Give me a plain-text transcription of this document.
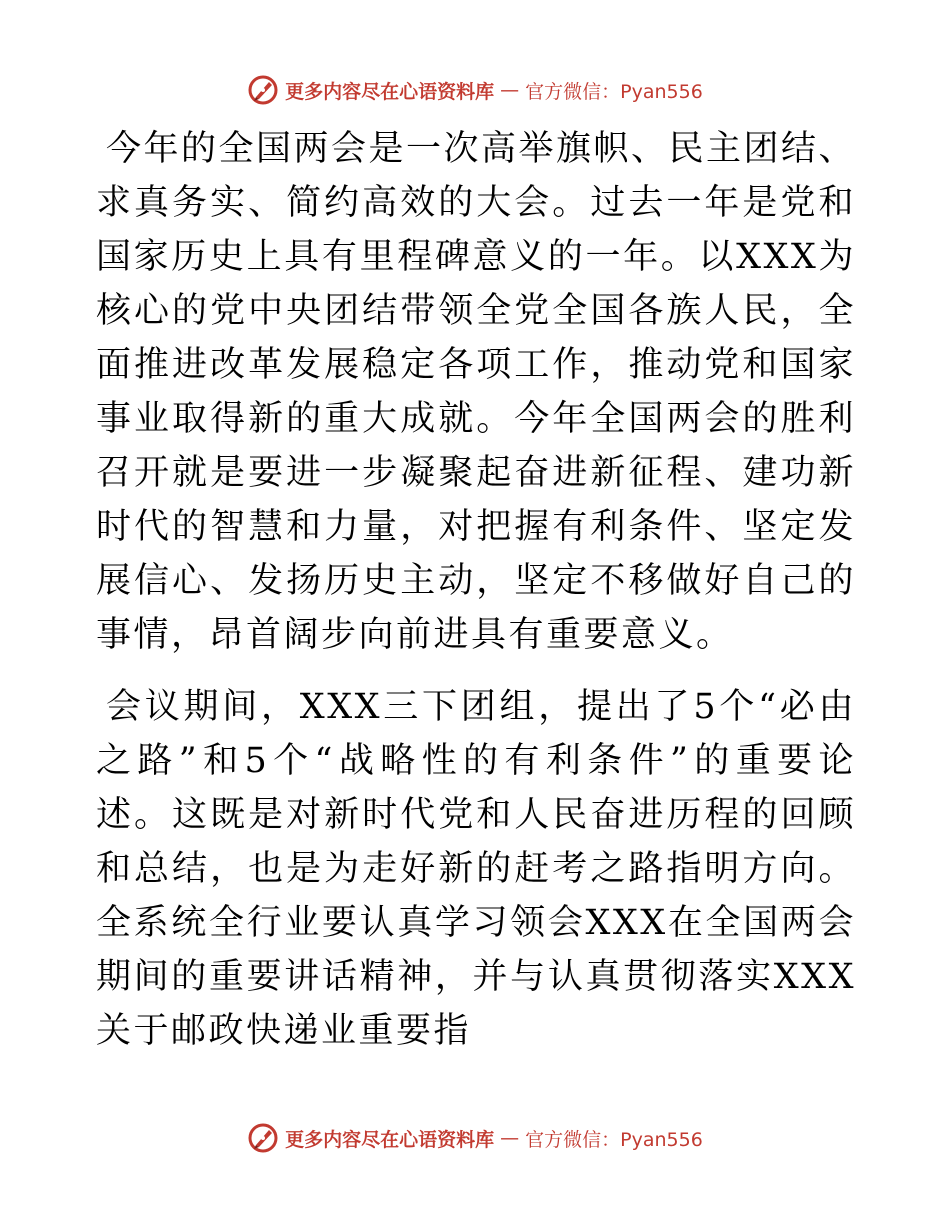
更多内容尽在心语资料库 — 官方微信：Pyan556

今年的全国两会是一次高举旗帜、民主团结、求真务实、简约高效的大会。过去一年是党和国家历史上具有里程碑意义的一年。以XXX为核心的党中央团结带领全党全国各族人民，全面推进改革发展稳定各项工作，推动党和国家事业取得新的重大成就。今年全国两会的胜利召开就是要进一步凝聚起奋进新征程、建功新时代的智慧和力量，对把握有利条件、坚定发展信心、发扬历史主动，坚定不移做好自己的事情，昂首阔步向前进具有重要意义。

会议期间，XXX三下团组，提出了5个“必由之路”和5个“战略性的有利条件”的重要论述。这既是对新时代党和人民奋进历程的回顾和总结，也是为走好新的赶考之路指明方向。全系统全行业要认真学习领会XXX在全国两会期间的重要讲话精神，并与认真贯彻落实XXX关于邮政快递业重要指

更多内容尽在心语资料库 — 官方微信：Pyan556
